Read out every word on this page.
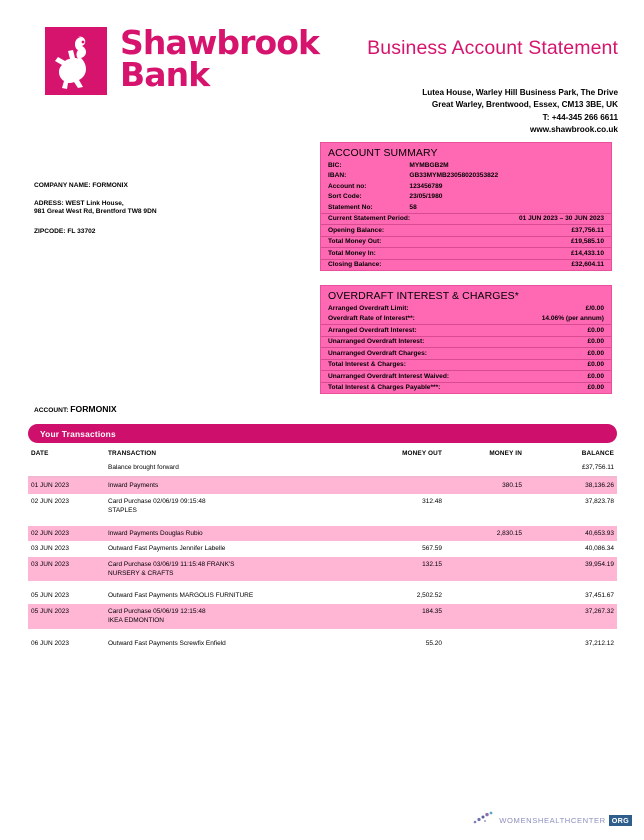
Shawbrook
Bank
Business Account Statement
Lutea House, Warley Hill Business Park, The Drive
Great Warley, Brentwood, Essex, CM13 3BE, UK
T: +44-345 266 6611
www.shawbrook.co.uk
COMPANY NAME: FORMONIX
ADRESS: WEST Link House,
981 Great West Rd, Brentford TW8 9DN
ZIPCODE: FL 33702
ACCOUNT SUMMARY
BIC:	MYMBGB2M
IBAN:	GB33MYMB23058020353822
Account no:	123456789
Sort Code:	23/05/1980
Statement No:	58
Current Statement Period:	01 JUN 2023 – 30 JUN 2023
Opening Balance:	£37,756.11
Total Money Out:	£19,585.10
Total Money In:	£14,433.10
Closing Balance:	£32,604.11
OVERDRAFT INTEREST & CHARGES*
Arranged Overdraft Limit:	£/0.00
Overdraft Rate of Interest**:	14.06% (per annum)
Arranged Overdraft Interest:	£0.00
Unarranged Overdraft Interest:	£0.00
Unarranged Overdraft Charges:	£0.00
Total Interest & Charges:	£0.00
Unarranged Overdraft Interest Waived:	£0.00
Total Interest & Charges Payable***:	£0.00
ACCOUNT: FORMONIX
Your Transactions
DATE	TRANSACTION	MONEY OUT	MONEY IN	BALANCE
	Balance brought forward			£37,756.11

01 JUN 2023	Inward Payments		380.15	38,136.26
02 JUN 2023	Card Purchase 02/06/19 09:15:48
STAPLES	312.48		37,823.78

02 JUN 2023	Inward Payments Douglas Rubio		2,830.15	40,653.93
03 JUN 2023	Outward Fast Payments Jennifer Labelle	567.59		40,086.34
03 JUN 2023	Card Purchase 03/06/19 11:15:48 FRANK'S
NURSERY & CRAFTS	132.15		39,954.19

05 JUN 2023	Outward Fast Payments MARGOLIS FURNITURE	2,502.52		37,451.67
05 JUN 2023	Card Purchase 05/06/19 12:15:48
IKEA EDMONTION	184.35		37,267.32

06 JUN 2023	Outward Fast Payments Screwfix Enfield	55.20		37,212.12
WOMENSHEALTHCENTER ORG
